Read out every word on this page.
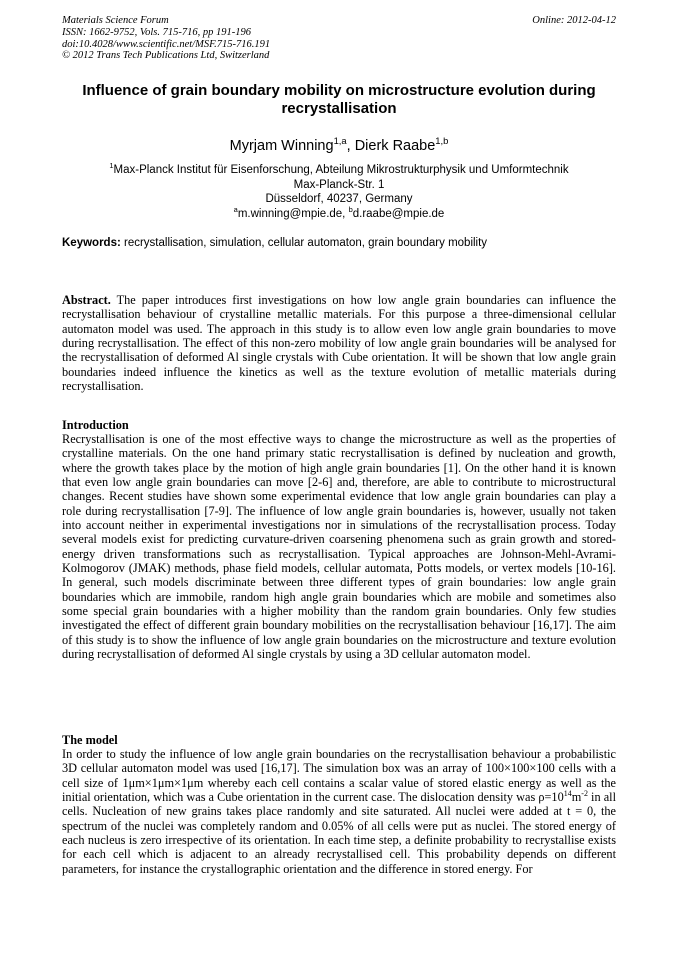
Materials Science Forum
ISSN: 1662-9752, Vols. 715-716, pp 191-196
doi:10.4028/www.scientific.net/MSF.715-716.191
© 2012 Trans Tech Publications Ltd, Switzerland
Online: 2012-04-12
Influence of grain boundary mobility on microstructure evolution during recrystallisation
Myrjam Winning$^{1,a}$, Dierk Raabe$^{1,b}$
$^1$Max-Planck Institut für Eisenforschung, Abteilung Mikrostrukturphysik und Umformtechnik
Max-Planck-Str. 1
Düsseldorf, 40237, Germany
$^a$m.winning@mpie.de, $^b$d.raabe@mpie.de
Keywords: recrystallisation, simulation, cellular automaton, grain boundary mobility
Abstract. The paper introduces first investigations on how low angle grain boundaries can influence the recrystallisation behaviour of crystalline metallic materials. For this purpose a three-dimensional cellular automaton model was used. The approach in this study is to allow even low angle grain boundaries to move during recrystallisation. The effect of this non-zero mobility of low angle grain boundaries will be analysed for the recrystallisation of deformed Al single crystals with Cube orientation. It will be shown that low angle grain boundaries indeed influence the kinetics as well as the texture evolution of metallic materials during recrystallisation.
Introduction
Recrystallisation is one of the most effective ways to change the microstructure as well as the properties of crystalline materials. On the one hand primary static recrystallisation is defined by nucleation and growth, where the growth takes place by the motion of high angle grain boundaries [1]. On the other hand it is known that even low angle grain boundaries can move [2-6] and, therefore, are able to contribute to microstructural changes. Recent studies have shown some experimental evidence that low angle grain boundaries can play a role during recrystallisation [7-9]. The influence of low angle grain boundaries is, however, usually not taken into account neither in experimental investigations nor in simulations of the recrystallisation process. Today several models exist for predicting curvature-driven coarsening phenomena such as grain growth and stored-energy driven transformations such as recrystallisation. Typical approaches are Johnson-Mehl-Avrami-Kolmogorov (JMAK) methods, phase field models, cellular automata, Potts models, or vertex models [10-16]. In general, such models discriminate between three different types of grain boundaries: low angle grain boundaries which are immobile, random high angle grain boundaries which are mobile and sometimes also some special grain boundaries with a higher mobility than the random grain boundaries. Only few studies investigated the effect of different grain boundary mobilities on the recrystallisation behaviour [16,17]. The aim of this study is to show the influence of low angle grain boundaries on the microstructure and texture evolution during recrystallisation of deformed Al single crystals by using a 3D cellular automaton model.
The model
In order to study the influence of low angle grain boundaries on the recrystallisation behaviour a probabilistic 3D cellular automaton model was used [16,17]. The simulation box was an array of 100×100×100 cells with a cell size of 1μm×1μm×1μm whereby each cell contains a scalar value of stored elastic energy as well as the initial orientation, which was a Cube orientation in the current case. The dislocation density was $\rho=10^{14}m^{-2}$ in all cells. Nucleation of new grains takes place randomly and site saturated. All nuclei were added at t = 0, the spectrum of the nuclei was completely random and 0.05% of all cells were put as nuclei. The stored energy of each nucleus is zero irrespective of its orientation. In each time step, a definite probability to recrystallise exists for each cell which is adjacent to an already recrystallised cell. This probability depends on different parameters, for instance the crystallographic orientation and the difference in stored energy. For
